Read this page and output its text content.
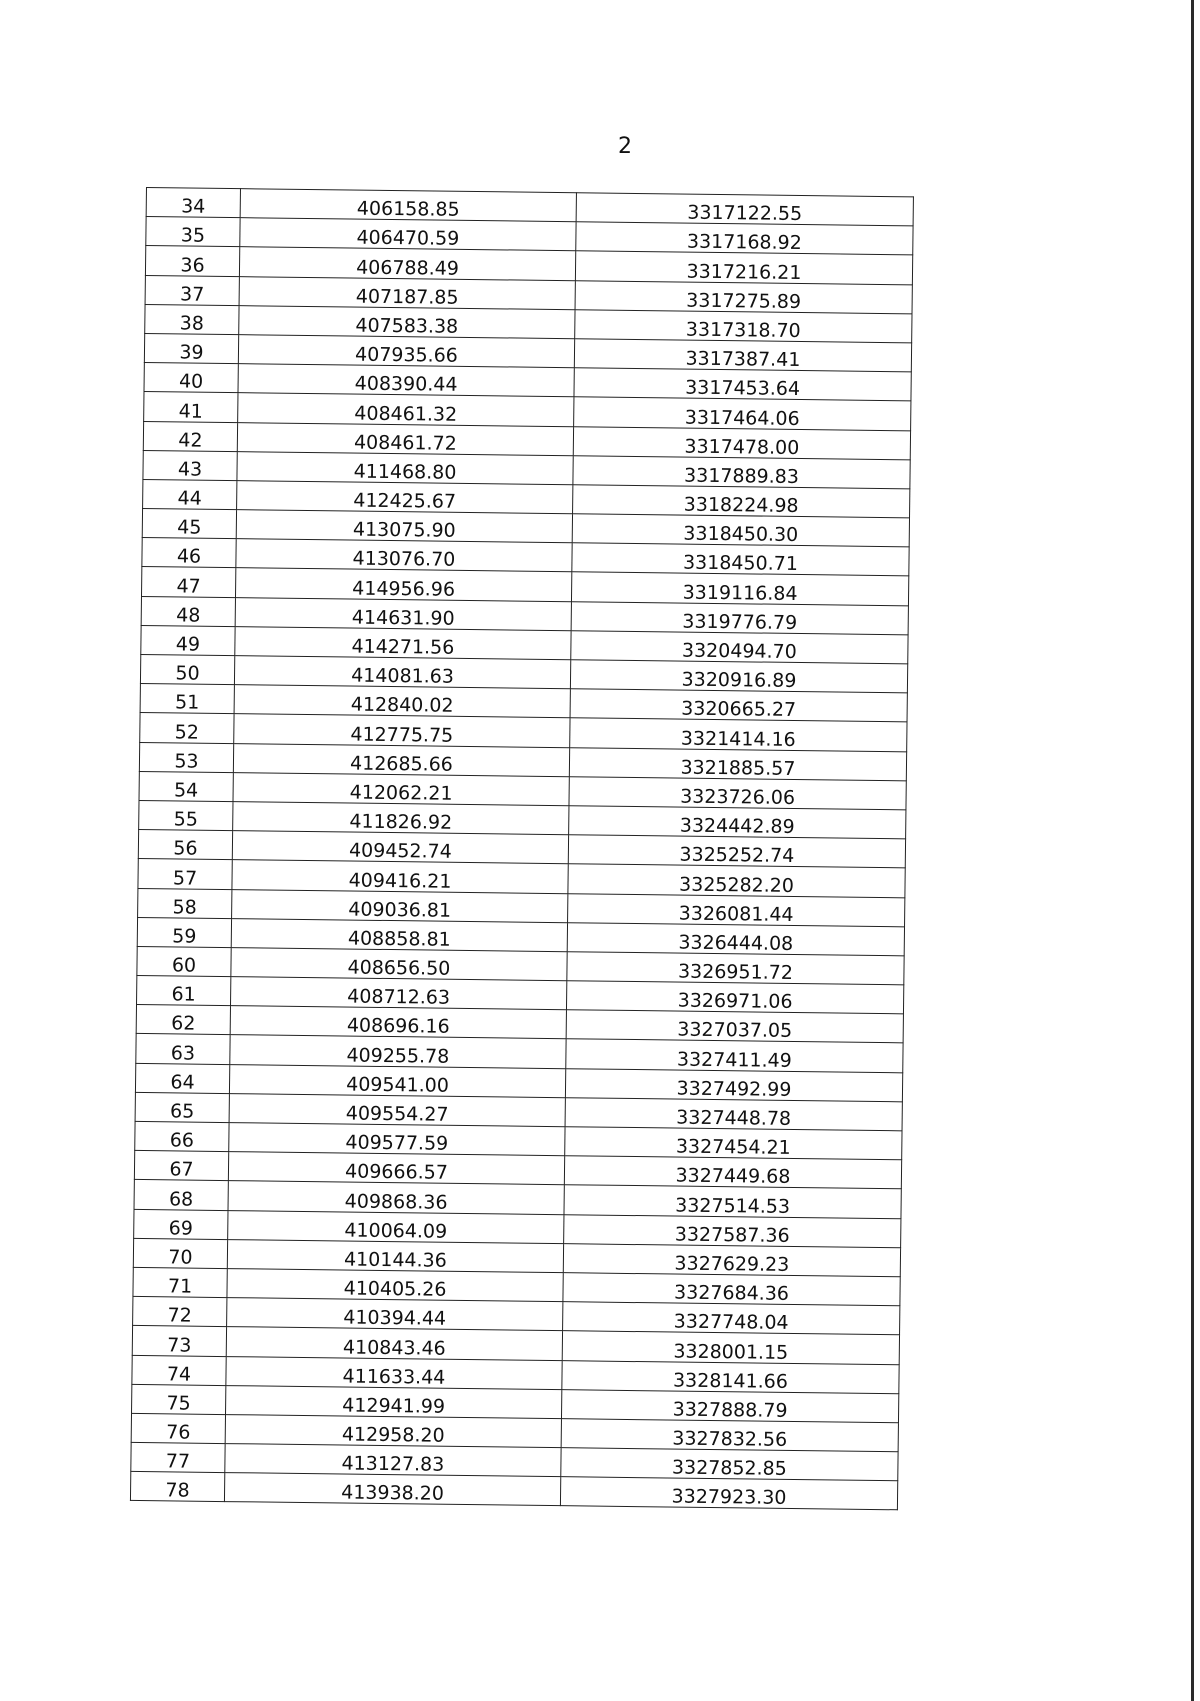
2
34	406158.85	3317122.55
35	406470.59	3317168.92
36	406788.49	3317216.21
37	407187.85	3317275.89
38	407583.38	3317318.70
39	407935.66	3317387.41
40	408390.44	3317453.64
41	408461.32	3317464.06
42	408461.72	3317478.00
43	411468.80	3317889.83
44	412425.67	3318224.98
45	413075.90	3318450.30
46	413076.70	3318450.71
47	414956.96	3319116.84
48	414631.90	3319776.79
49	414271.56	3320494.70
50	414081.63	3320916.89
51	412840.02	3320665.27
52	412775.75	3321414.16
53	412685.66	3321885.57
54	412062.21	3323726.06
55	411826.92	3324442.89
56	409452.74	3325252.74
57	409416.21	3325282.20
58	409036.81	3326081.44
59	408858.81	3326444.08
60	408656.50	3326951.72
61	408712.63	3326971.06
62	408696.16	3327037.05
63	409255.78	3327411.49
64	409541.00	3327492.99
65	409554.27	3327448.78
66	409577.59	3327454.21
67	409666.57	3327449.68
68	409868.36	3327514.53
69	410064.09	3327587.36
70	410144.36	3327629.23
71	410405.26	3327684.36
72	410394.44	3327748.04
73	410843.46	3328001.15
74	411633.44	3328141.66
75	412941.99	3327888.79
76	412958.20	3327832.56
77	413127.83	3327852.85
78	413938.20	3327923.30
